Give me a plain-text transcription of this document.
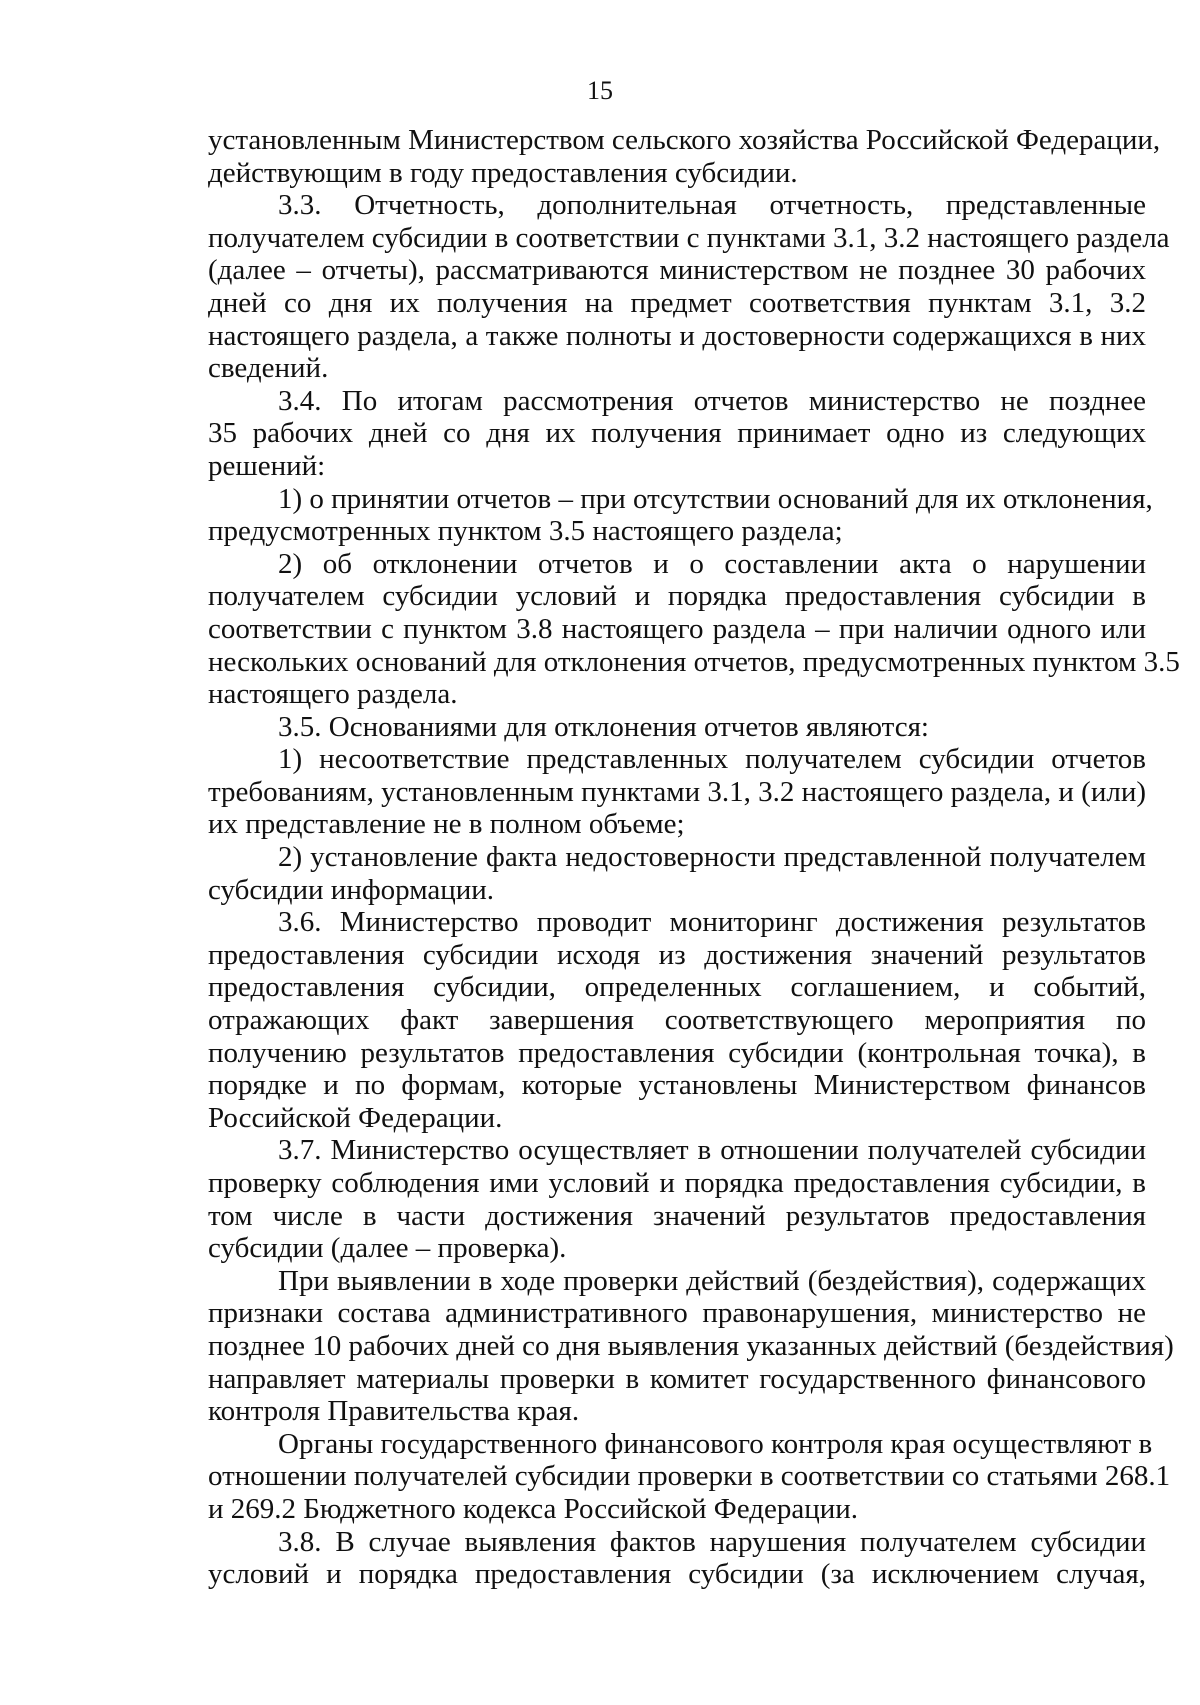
15
установленным Министерством сельского хозяйства Российской Федерации,
действующим в году предоставления субсидии.
3.3. Отчетность, дополнительная отчетность, представленные
получателем субсидии в соответствии с пунктами 3.1, 3.2 настоящего раздела
(далее – отчеты), рассматриваются министерством не позднее 30 рабочих
дней со дня их получения на предмет соответствия пунктам 3.1, 3.2
настоящего раздела, а также полноты и достоверности содержащихся в них
сведений.
3.4. По итогам рассмотрения отчетов министерство не позднее
35 рабочих дней со дня их получения принимает одно из следующих
решений:
1) о принятии отчетов – при отсутствии оснований для их отклонения,
предусмотренных пунктом 3.5 настоящего раздела;
2) об отклонении отчетов и о составлении акта о нарушении
получателем субсидии условий и порядка предоставления субсидии в
соответствии с пунктом 3.8 настоящего раздела – при наличии одного или
нескольких оснований для отклонения отчетов, предусмотренных пунктом 3.5
настоящего раздела.
3.5. Основаниями для отклонения отчетов являются:
1) несоответствие представленных получателем субсидии отчетов
требованиям, установленным пунктами 3.1, 3.2 настоящего раздела, и (или)
их представление не в полном объеме;
2) установление факта недостоверности представленной получателем
субсидии информации.
3.6. Министерство проводит мониторинг достижения результатов
предоставления субсидии исходя из достижения значений результатов
предоставления субсидии, определенных соглашением, и событий,
отражающих факт завершения соответствующего мероприятия по
получению результатов предоставления субсидии (контрольная точка), в
порядке и по формам, которые установлены Министерством финансов
Российской Федерации.
3.7. Министерство осуществляет в отношении получателей субсидии
проверку соблюдения ими условий и порядка предоставления субсидии, в
том числе в части достижения значений результатов предоставления
субсидии (далее – проверка).
При выявлении в ходе проверки действий (бездействия), содержащих
признаки состава административного правонарушения, министерство не
позднее 10 рабочих дней со дня выявления указанных действий (бездействия)
направляет материалы проверки в комитет государственного финансового
контроля Правительства края.
Органы государственного финансового контроля края осуществляют в
отношении получателей субсидии проверки в соответствии со статьями 268.1
и 269.2 Бюджетного кодекса Российской Федерации.
3.8. В случае выявления фактов нарушения получателем субсидии
условий и порядка предоставления субсидии (за исключением случая,
